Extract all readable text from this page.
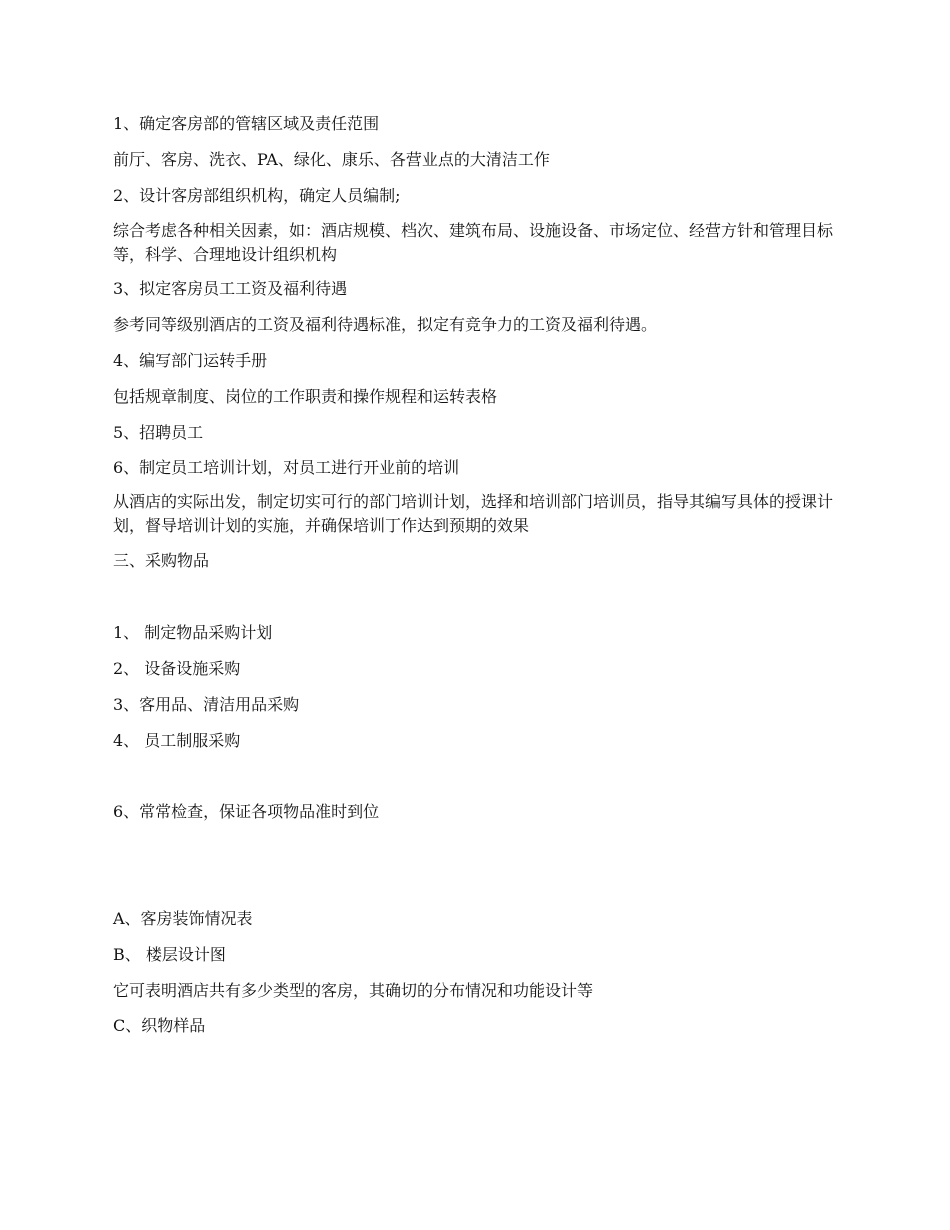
1、确定客房部的管辖区域及责任范围
前厅、客房、洗衣、PA、绿化、康乐、各营业点的大清洁工作
2、设计客房部组织机构，确定人员编制;
综合考虑各种相关因素，如：酒店规模、档次、建筑布局、设施设备、市场定位、经营方针和管理目标等，科学、合理地设计组织机构
3、拟定客房员工工资及福利待遇
参考同等级别酒店的工资及福利待遇标准，拟定有竞争力的工资及福利待遇。
4、编写部门运转手册
包括规章制度、岗位的工作职责和操作规程和运转表格
5、招聘员工
6、制定员工培训计划，对员工进行开业前的培训
从酒店的实际出发，制定切实可行的部门培训计划，选择和培训部门培训员，指导其编写具体的授课计划，督导培训计划的实施，并确保培训丁作达到预期的效果
三、采购物品
1、 制定物品采购计划
2、 设备设施采购
3、客用品、清洁用品采购
4、 员工制服采购
6、常常检查，保证各项物品准时到位
A、客房装饰情况表
B、 楼层设计图
它可表明酒店共有多少类型的客房，其确切的分布情况和功能设计等
C、织物样品
